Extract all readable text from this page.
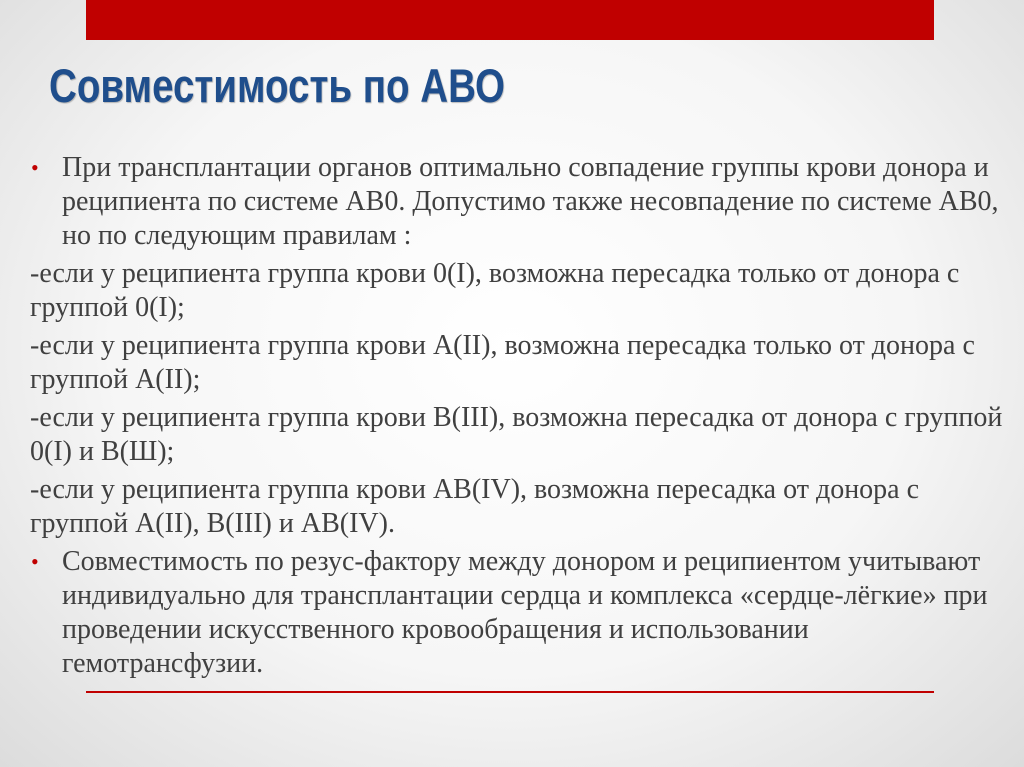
Совместимость по АВО
• При трансплантации органов оптимально совпадение группы крови донора и реципиента по системе АВ0. Допустимо также несовпадение по системе АВ0, но по следующим правилам :
-если у реципиента группа крови 0(I), возможна пересадка только от донора с группой 0(I);
-если у реципиента группа крови A(II), возможна пересадка только от донора с группой A(II);
-если у реципиента группа крови B(III), возможна пересадка от донора с группой 0(I) и В(Ш);
-если у реципиента группа крови AB(IV), возможна пересадка от донора с группой A(II), B(III) и AB(IV).
• Совместимость по резус-фактору между донором и реципиентом учитывают индивидуально для трансплантации сердца и комплекса «сердце-лёгкие» при проведении искусственного кровообращения и использовании гемотрансфузии.
